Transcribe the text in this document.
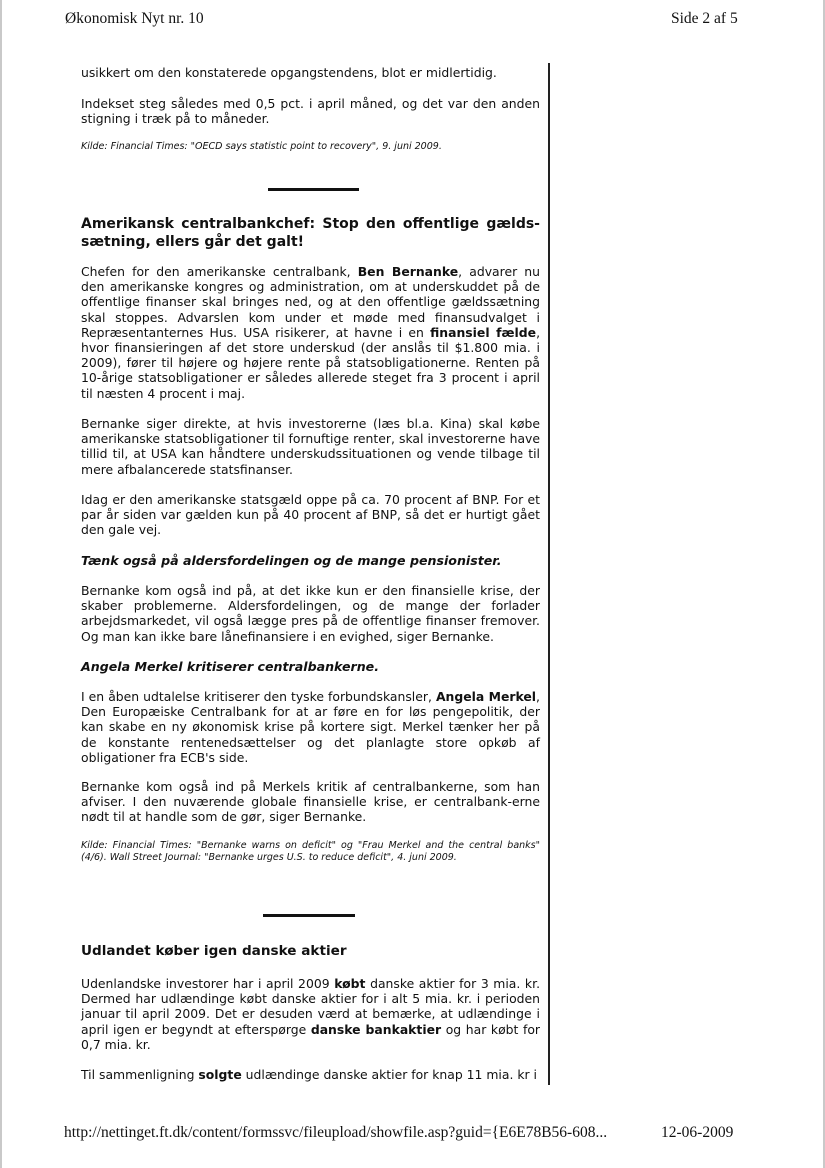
Økonomisk Nyt nr. 10	Side 2 af 5

usikkert om den konstaterede opgangstendens, blot er midlertidig.

Indekset steg således med 0,5 pct. i april måned, og det var den anden stigning i træk på to måneder.

Kilde: Financial Times: "OECD says statistic point to recovery", 9. juni 2009.

Amerikansk centralbankchef: Stop den offentlige gælds-sætning, ellers går det galt!

Chefen for den amerikanske centralbank, Ben Bernanke, advarer nu den amerikanske kongres og administration, om at underskuddet på de offentlige finanser skal bringes ned, og at den offentlige gældssætning skal stoppes. Advarslen kom under et møde med finansudvalget i Repræsentanternes Hus. USA risikerer, at havne i en finansiel fælde, hvor finansieringen af det store underskud (der anslås til $1.800 mia. i 2009), fører til højere og højere rente på statsobligationerne. Renten på 10-årige statsobligationer er således allerede steget fra 3 procent i april til næsten 4 procent i maj.

Bernanke siger direkte, at hvis investorerne (læs bl.a. Kina) skal købe amerikanske statsobligationer til fornuftige renter, skal investorerne have tillid til, at USA kan håndtere underskudssituationen og vende tilbage til mere afbalancerede statsfinanser.

Idag er den amerikanske statsgæld oppe på ca. 70 procent af BNP. For et par år siden var gælden kun på 40 procent af BNP, så det er hurtigt gået den gale vej.

Tænk også på aldersfordelingen og de mange pensionister.

Bernanke kom også ind på, at det ikke kun er den finansielle krise, der skaber problemerne. Aldersfordelingen, og de mange der forlader arbejdsmarkedet, vil også lægge pres på de offentlige finanser fremover. Og man kan ikke bare lånefinansiere i en evighed, siger Bernanke.

Angela Merkel kritiserer centralbankerne.

I en åben udtalelse kritiserer den tyske forbundskansler, Angela Merkel, Den Europæiske Centralbank for at ar føre en for løs pengepolitik, der kan skabe en ny økonomisk krise på kortere sigt. Merkel tænker her på de konstante rentenedsættelser og det planlagte store opkøb af obligationer fra ECB's side.

Bernanke kom også ind på Merkels kritik af centralbankerne, som han afviser. I den nuværende globale finansielle krise, er centralbank-erne nødt til at handle som de gør, siger Bernanke.

Kilde: Financial Times: "Bernanke warns on deficit" og "Frau Merkel and the central banks" (4/6). Wall Street Journal: "Bernanke urges U.S. to reduce deficit", 4. juni 2009.

Udlandet køber igen danske aktier

Udenlandske investorer har i april 2009 købt danske aktier for 3 mia. kr. Dermed har udlændinge købt danske aktier for i alt 5 mia. kr. i perioden januar til april 2009. Det er desuden værd at bemærke, at udlændinge i april igen er begyndt at efterspørge danske bankaktier og har købt for 0,7 mia. kr.

Til sammenligning solgte udlændinge danske aktier for knap 11 mia. kr i

http://nettinget.ft.dk/content/formssvc/fileupload/showfile.asp?guid={E6E78B56-608...	12-06-2009
